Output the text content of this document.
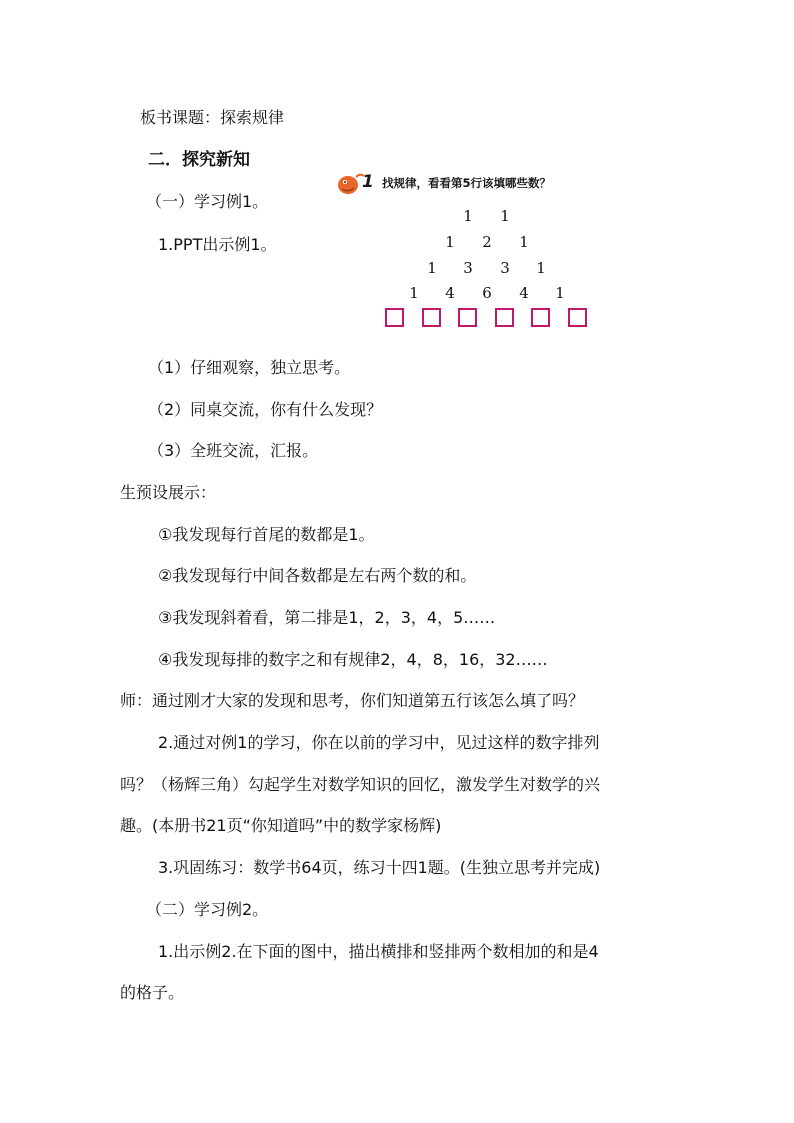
板书课题：探索规律
二．探究新知
（一）学习例1。
1.PPT出示例1。
1 找规律，看看第5行该填哪些数？
1 1
1 2 1
1 3 3 1
1 4 6 4 1
（1）仔细观察，独立思考。
（2）同桌交流，你有什么发现？
（3）全班交流，汇报。
生预设展示：
①我发现每行首尾的数都是1。
②我发现每行中间各数都是左右两个数的和。
③我发现斜着看，第二排是1，2，3，4，5……
④我发现每排的数字之和有规律2，4，8，16，32……
师：通过刚才大家的发现和思考，你们知道第五行该怎么填了吗？
2.通过对例1的学习，你在以前的学习中，见过这样的数字排列
吗？（杨辉三角）勾起学生对数学知识的回忆，激发学生对数学的兴
趣。(本册书21页“你知道吗”中的数学家杨辉)
3.巩固练习：数学书64页，练习十四1题。(生独立思考并完成)
（二）学习例2。
1.出示例2.在下面的图中，描出横排和竖排两个数相加的和是4
的格子。
